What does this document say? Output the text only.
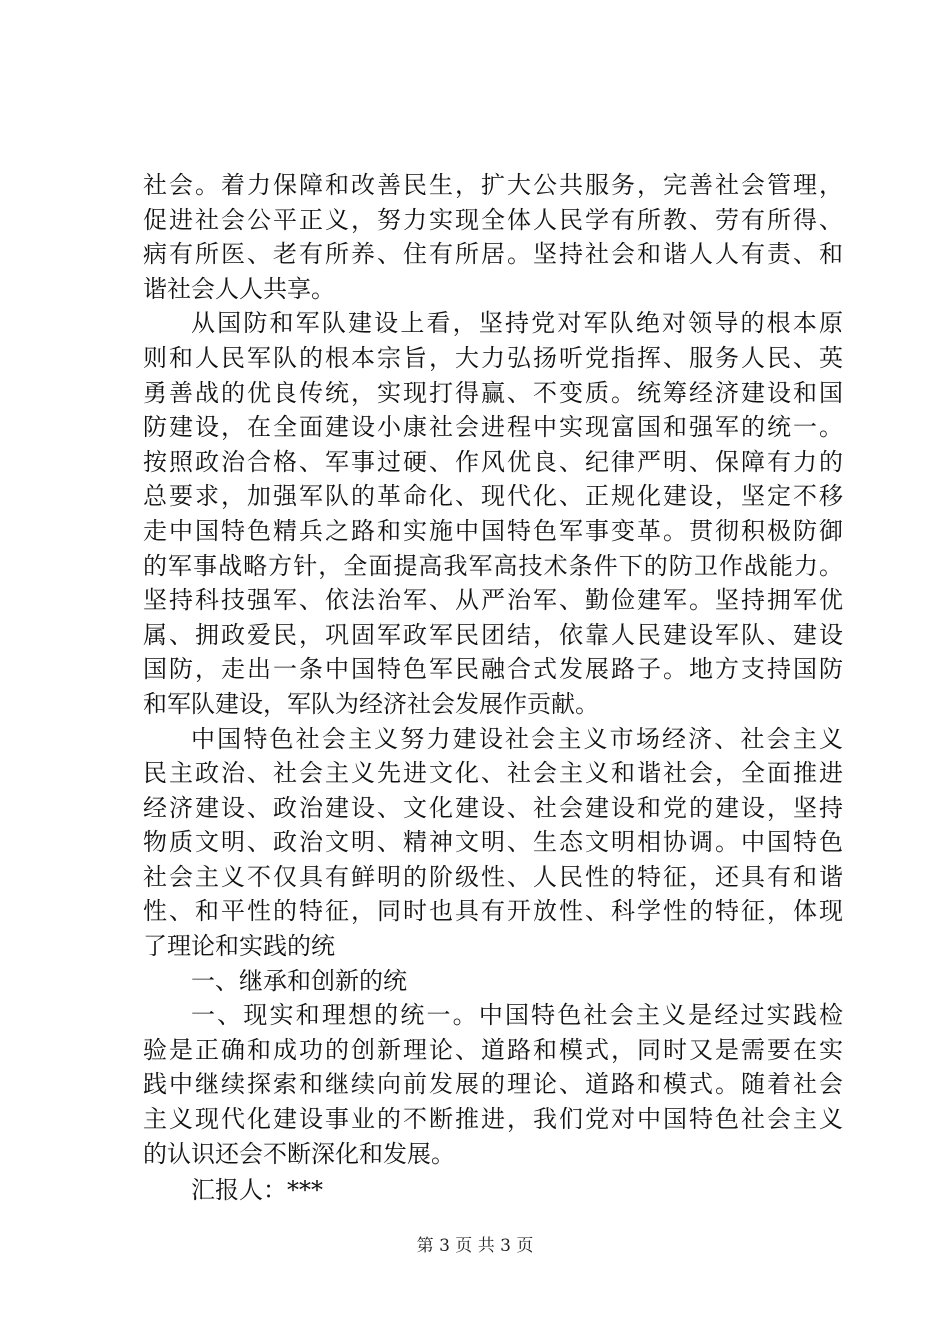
社会。着力保障和改善民生，扩大公共服务，完善社会管理，
促进社会公平正义，努力实现全体人民学有所教、劳有所得、
病有所医、老有所养、住有所居。坚持社会和谐人人有责、和
谐社会人人共享。
从国防和军队建设上看，坚持党对军队绝对领导的根本原
则和人民军队的根本宗旨，大力弘扬听党指挥、服务人民、英
勇善战的优良传统，实现打得赢、不变质。统筹经济建设和国
防建设，在全面建设小康社会进程中实现富国和强军的统一。
按照政治合格、军事过硬、作风优良、纪律严明、保障有力的
总要求，加强军队的革命化、现代化、正规化建设，坚定不移
走中国特色精兵之路和实施中国特色军事变革。贯彻积极防御
的军事战略方针，全面提高我军高技术条件下的防卫作战能力。
坚持科技强军、依法治军、从严治军、勤俭建军。坚持拥军优
属、拥政爱民，巩固军政军民团结，依靠人民建设军队、建设
国防，走出一条中国特色军民融合式发展路子。地方支持国防
和军队建设，军队为经济社会发展作贡献。
中国特色社会主义努力建设社会主义市场经济、社会主义
民主政治、社会主义先进文化、社会主义和谐社会，全面推进
经济建设、政治建设、文化建设、社会建设和党的建设，坚持
物质文明、政治文明、精神文明、生态文明相协调。中国特色
社会主义不仅具有鲜明的阶级性、人民性的特征，还具有和谐
性、和平性的特征，同时也具有开放性、科学性的特征，体现
了理论和实践的统
一、继承和创新的统
一、现实和理想的统一。中国特色社会主义是经过实践检
验是正确和成功的创新理论、道路和模式，同时又是需要在实
践中继续探索和继续向前发展的理论、道路和模式。随着社会
主义现代化建设事业的不断推进，我们党对中国特色社会主义
的认识还会不断深化和发展。
汇报人：***
第 3 页 共 3 页
